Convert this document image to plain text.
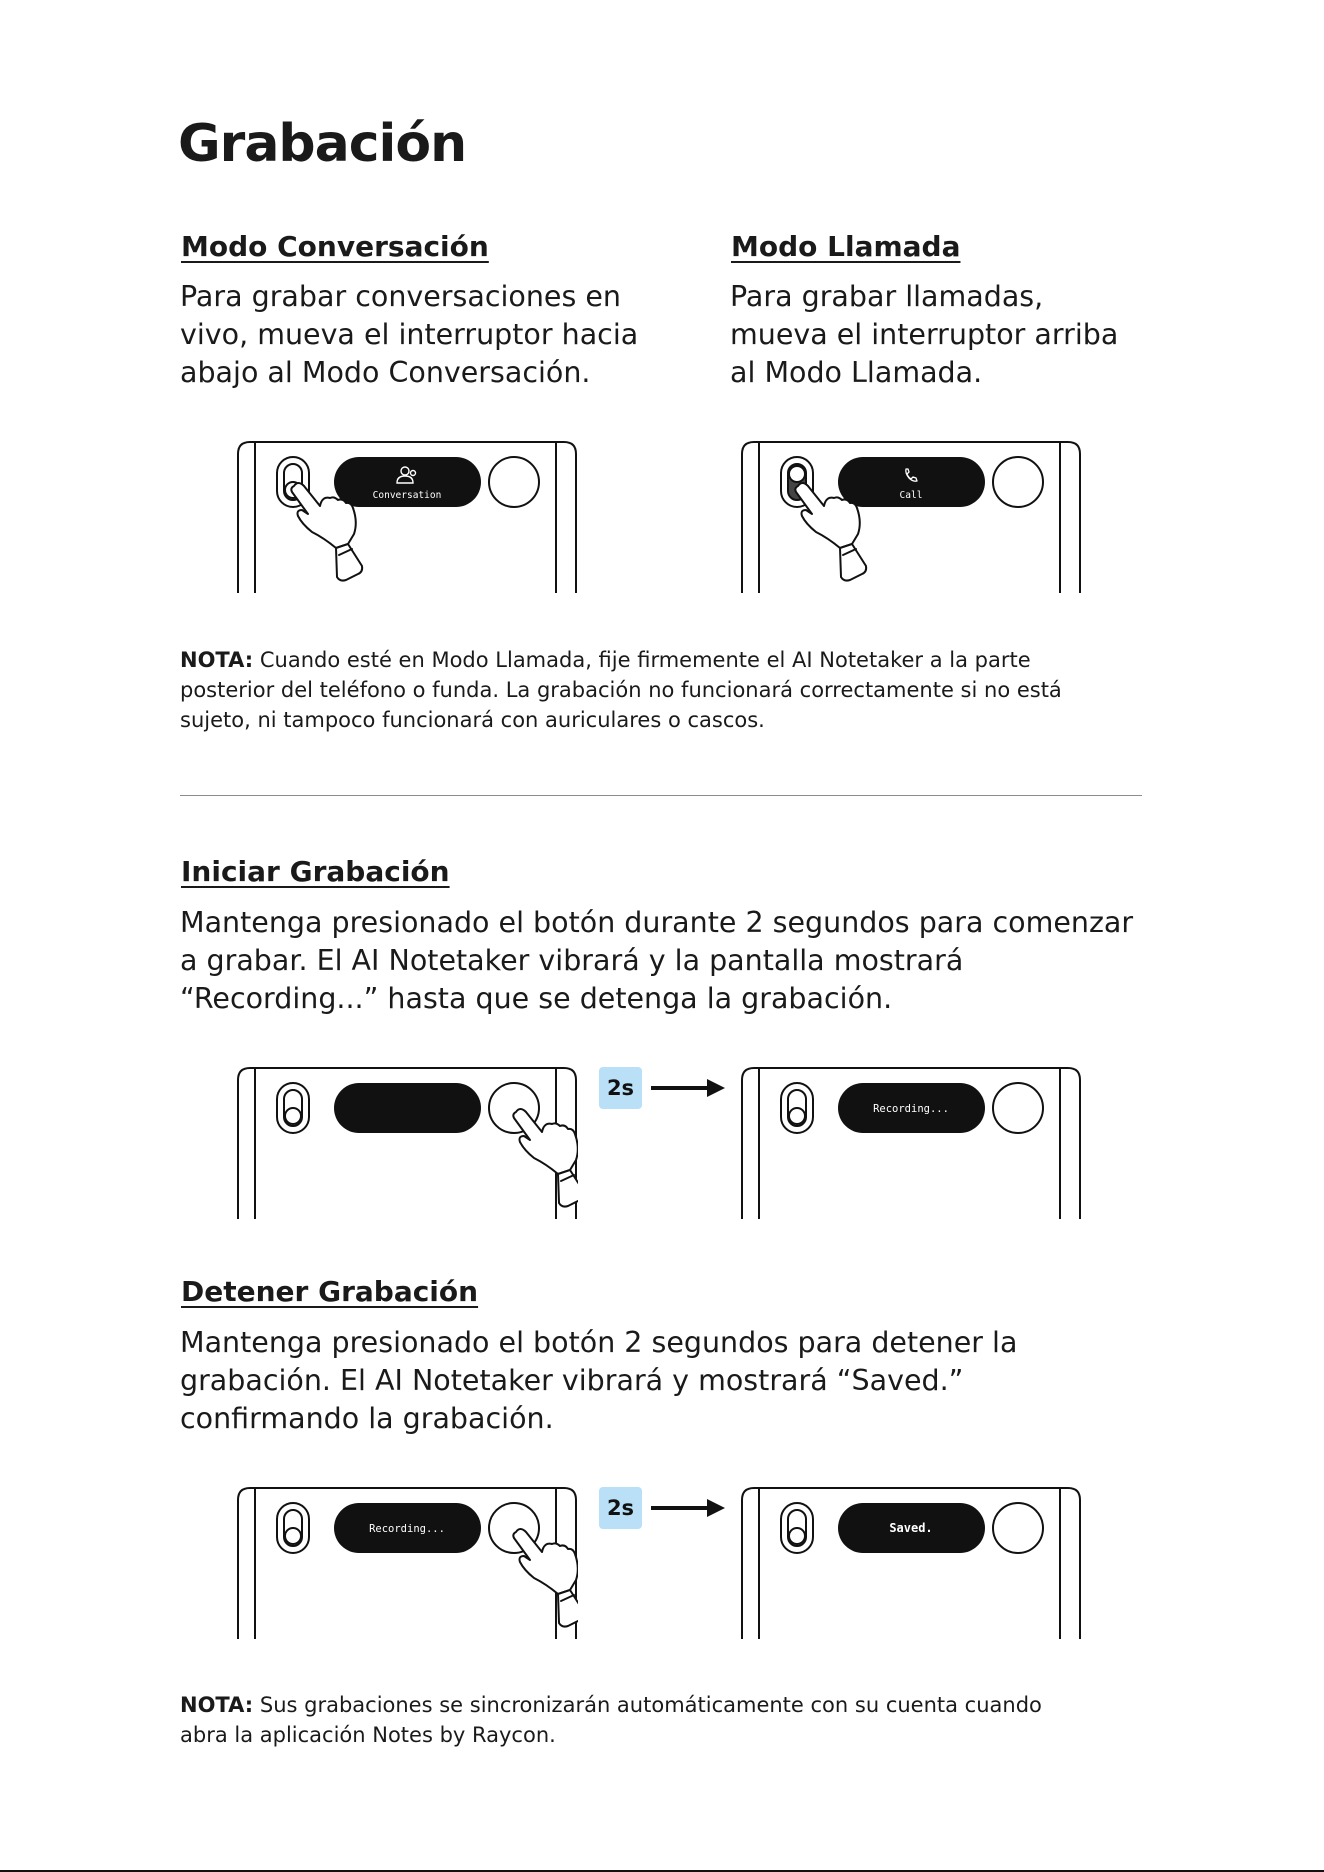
Grabación
Modo Conversación

Para grabar conversaciones en
vivo, mueva el interruptor hacia
abajo al Modo Conversación.

Modo Llamada

Para grabar llamadas,
mueva el interruptor arriba
al Modo Llamada.

Conversation	Call

NOTA: Cuando esté en Modo Llamada, fije firmemente el AI Notetaker a la parte
posterior del teléfono o funda. La grabación no funcionará correctamente si no está
sujeto, ni tampoco funcionará con auriculares o cascos.

Iniciar Grabación

Mantenga presionado el botón durante 2 segundos para comenzar
a grabar. El AI Notetaker vibrará y la pantalla mostrará
“Recording...” hasta que se detenga la grabación.

2s
Recording...
Detener Grabación

Mantenga presionado el botón 2 segundos para detener la
grabación. El AI Notetaker vibrará y mostrará “Saved.”
confirmando la grabación.

Recording...
2s
Saved.

NOTA: Sus grabaciones se sincronizarán automáticamente con su cuenta cuando
abra la aplicación Notes by Raycon.
